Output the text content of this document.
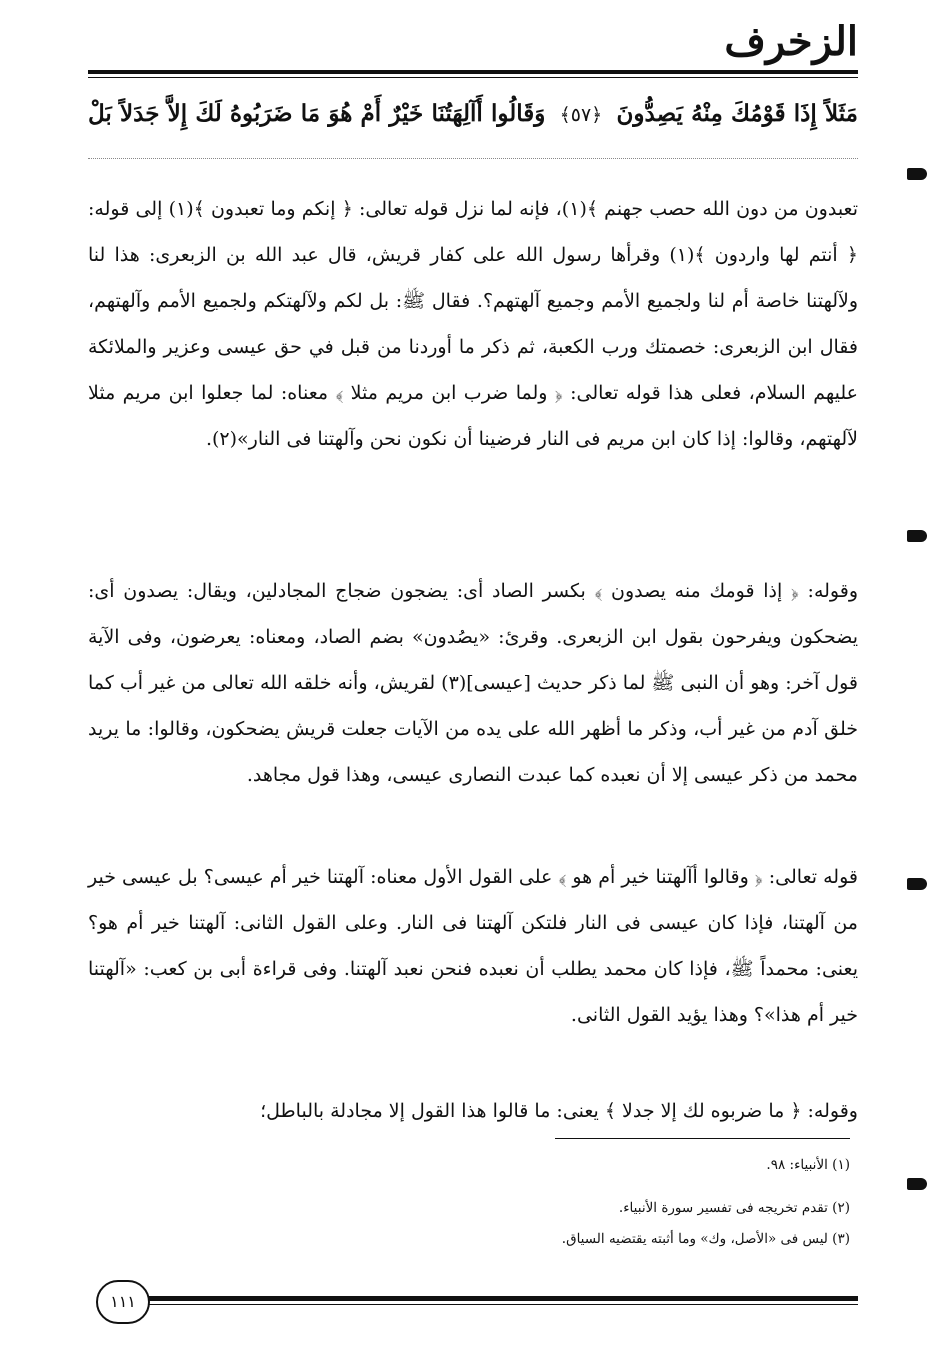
الزخرف
مَثَلاً إِذَا قَوْمُكَ مِنْهُ يَصِدُّونَ ﴿٥٧﴾ وَقَالُوا أَآلِهَتُنَا خَيْرٌ أَمْ هُوَ مَا ضَرَبُوهُ لَكَ إِلاَّ جَدَلاً بَلْ
تعبدون من دون الله حصب جهنم ﴾(١)، فإنه لما نزل قوله تعالى: ﴿ إنكم وما تعبدون ﴾(١) إلى قوله: ﴿ أنتم لها واردون ﴾(١) وقرأها رسول الله على كفار قريش، قال عبد الله بن الزبعرى: هذا لنا ولآلهتنا خاصة أم لنا ولجميع الأمم وجميع آلهتهم؟. فقال ﷺ: بل لكم ولآلهتكم ولجميع الأمم وآلهتهم، فقال ابن الزبعرى: خصمتك ورب الكعبة، ثم ذكر ما أوردنا من قبل في حق عيسى وعزير والملائكة عليهم السلام، فعلى هذا قوله تعالى: ﴿ ولما ضرب ابن مريم مثلا ﴾ معناه: لما جعلوا ابن مريم مثلا لآلهتهم، وقالوا: إذا كان ابن مريم فى النار فرضينا أن نكون نحن وآلهتنا فى النار»(٢).
وقوله: ﴿ إذا قومك منه يصدون ﴾ بكسر الصاد أى: يضجون ضجاج المجادلين، ويقال: يصدون أى: يضحكون ويفرحون بقول ابن الزبعرى. وقرئ: «يصُدون» بضم الصاد، ومعناه: يعرضون، وفى الآية قول آخر: وهو أن النبى ﷺ لما ذكر حديث [عيسى](٣) لقريش، وأنه خلقه الله تعالى من غير أب كما خلق آدم من غير أب، وذكر ما أظهر الله على يده من الآيات جعلت قريش يضحكون، وقالوا: ما يريد محمد من ذكر عيسى إلا أن نعبده كما عبدت النصارى عيسى، وهذا قول مجاهد.
قوله تعالى: ﴿ وقالوا أآلهتنا خير أم هو ﴾ على القول الأول معناه: آلهتنا خير أم عيسى؟ بل عيسى خير من آلهتنا، فإذا كان عيسى فى النار فلتكن آلهتنا فى النار. وعلى القول الثانى: آلهتنا خير أم هو؟ يعنى: محمداً ﷺ، فإذا كان محمد يطلب أن نعبده فنحن نعبد آلهتنا. وفى قراءة أبى بن كعب: «آلهتنا خير أم هذا»؟ وهذا يؤيد القول الثانى.
وقوله: ﴿ ما ضربوه لك إلا جدلا ﴾ يعنى: ما قالوا هذا القول إلا مجادلة بالباطل؛
(١) الأنبياء: ٩٨.
(٢) تقدم تخريجه فى تفسير سورة الأنبياء.
(٣) ليس فى «الأصل، وك» وما أثبته يقتضيه السياق.
١١١
